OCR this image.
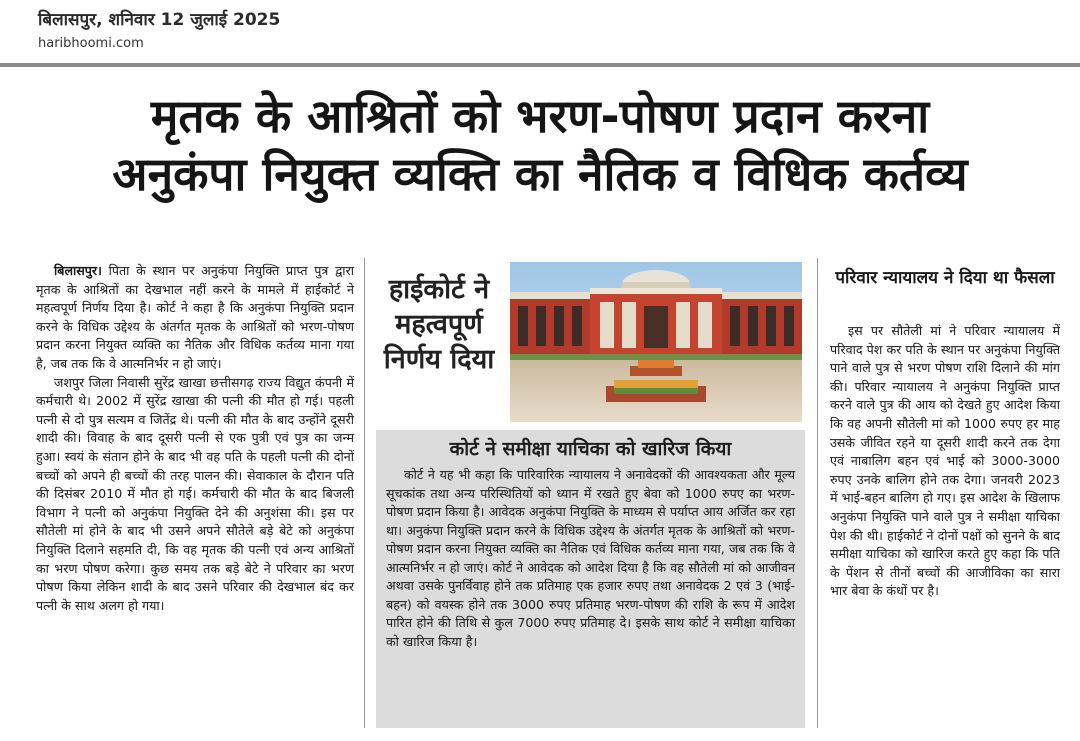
बिलासपुर, शनिवार 12 जुलाई 2025
haribhoomi.com
मृतक के आश्रितों को भरण-पोषण प्रदान करना
अनुकंपा नियुक्त व्यक्ति का नैतिक व विधिक कर्तव्य

बिलासपुर। पिता के स्थान पर अनुकंपा नियुक्ति प्राप्त पुत्र द्वारा मृतक के आश्रितों का देखभाल नहीं करने के मामले में हाईकोर्ट ने महत्वपूर्ण निर्णय दिया है। कोर्ट ने कहा है कि अनुकंपा नियुक्ति प्रदान करने के विधिक उद्देश्य के अंतर्गत मृतक के आश्रितों को भरण-पोषण प्रदान करना नियुक्त व्यक्ति का नैतिक और विधिक कर्तव्य माना गया है, जब तक कि वे आत्मनिर्भर न हो जाएं।

जशपुर जिला निवासी सुरेंद्र खाखा छत्तीसगढ़ राज्य विद्युत कंपनी में कर्मचारी थे। 2002 में सुरेंद्र खाखा की पत्नी की मौत हो गई। पहली पत्नी से दो पुत्र सत्यम व जितेंद्र थे। पत्नी की मौत के बाद उन्होंने दूसरी शादी की। विवाह के बाद दूसरी पत्नी से एक पुत्री एवं पुत्र का जन्म हुआ। स्वयं के संतान होने के बाद भी वह पति के पहली पत्नी की दोनों बच्चों को अपने ही बच्चों की तरह पालन की। सेवाकाल के दौरान पति की दिसंबर 2010 में मौत हो गई। कर्मचारी की मौत के बाद बिजली विभाग ने पत्नी को अनुकंपा नियुक्ति देने की अनुशंसा की। इस पर सौतेली मां होने के बाद भी उसने अपने सौतेले बड़े बेटे को अनुकंपा नियुक्ति दिलाने सहमति दी, कि वह मृतक की पत्नी एवं अन्य आश्रितों का भरण पोषण करेगा। कुछ समय तक बड़े बेटे ने परिवार का भरण पोषण किया लेकिन शादी के बाद उसने परिवार की देखभाल बंद कर पत्नी के साथ अलग हो गया।

हाईकोर्ट ने महत्वपूर्ण निर्णय दिया
कोर्ट ने समीक्षा याचिका को खारिज किया
कोर्ट ने यह भी कहा कि पारिवारिक न्यायालय ने अनावेदकों की आवश्यकता और मूल्य सूचकांक तथा अन्य परिस्थितियों को ध्यान में रखते हुए बेवा को 1000 रुपए का भरण-पोषण प्रदान किया है। आवेदक अनुकंपा नियुक्ति के माध्यम से पर्याप्त आय अर्जित कर रहा था। अनुकंपा नियुक्ति प्रदान करने के विधिक उद्देश्य के अंतर्गत मृतक के आश्रितों को भरण-पोषण प्रदान करना नियुक्त व्यक्ति का नैतिक एवं विधिक कर्तव्य माना गया, जब तक कि वे आत्मनिर्भर न हो जाएं। कोर्ट ने आवेदक को आदेश दिया है कि वह सौतेली मां को आजीवन अथवा उसके पुनर्विवाह होने तक प्रतिमाह एक हजार रुपए तथा अनावेदक 2 एवं 3 (भाई-बहन) को वयस्क होने तक 3000 रुपए प्रतिमाह भरण-पोषण की राशि के रूप में आदेश पारित होने की तिथि से कुल 7000 रुपए प्रतिमाह दे। इसके साथ कोर्ट ने समीक्षा याचिका को खारिज किया है।
परिवार न्यायालय ने दिया था फैसला

इस पर सौतेली मां ने परिवार न्यायालय में परिवाद पेश कर पति के स्थान पर अनुकंपा नियुक्ति पाने वाले पुत्र से भरण पोषण राशि दिलाने की मांग की। परिवार न्यायालय ने अनुकंपा नियुक्ति प्राप्त करने वाले पुत्र की आय को देखते हुए आदेश किया कि वह अपनी सौतेली मां को 1000 रुपए हर माह उसके जीवित रहने या दूसरी शादी करने तक देगा एवं नाबालिग बहन एवं भाई को 3000-3000 रुपए उनके बालिग होने तक देगा। जनवरी 2023 में भाई-बहन बालिग हो गए। इस आदेश के खिलाफ अनुकंपा नियुक्ति पाने वाले पुत्र ने समीक्षा याचिका पेश की थी। हाईकोर्ट ने दोनों पक्षों को सुनने के बाद समीक्षा याचिका को खारिज करते हुए कहा कि पति के पेंशन से तीनों बच्चों की आजीविका का सारा भार बेवा के कंधों पर है।
